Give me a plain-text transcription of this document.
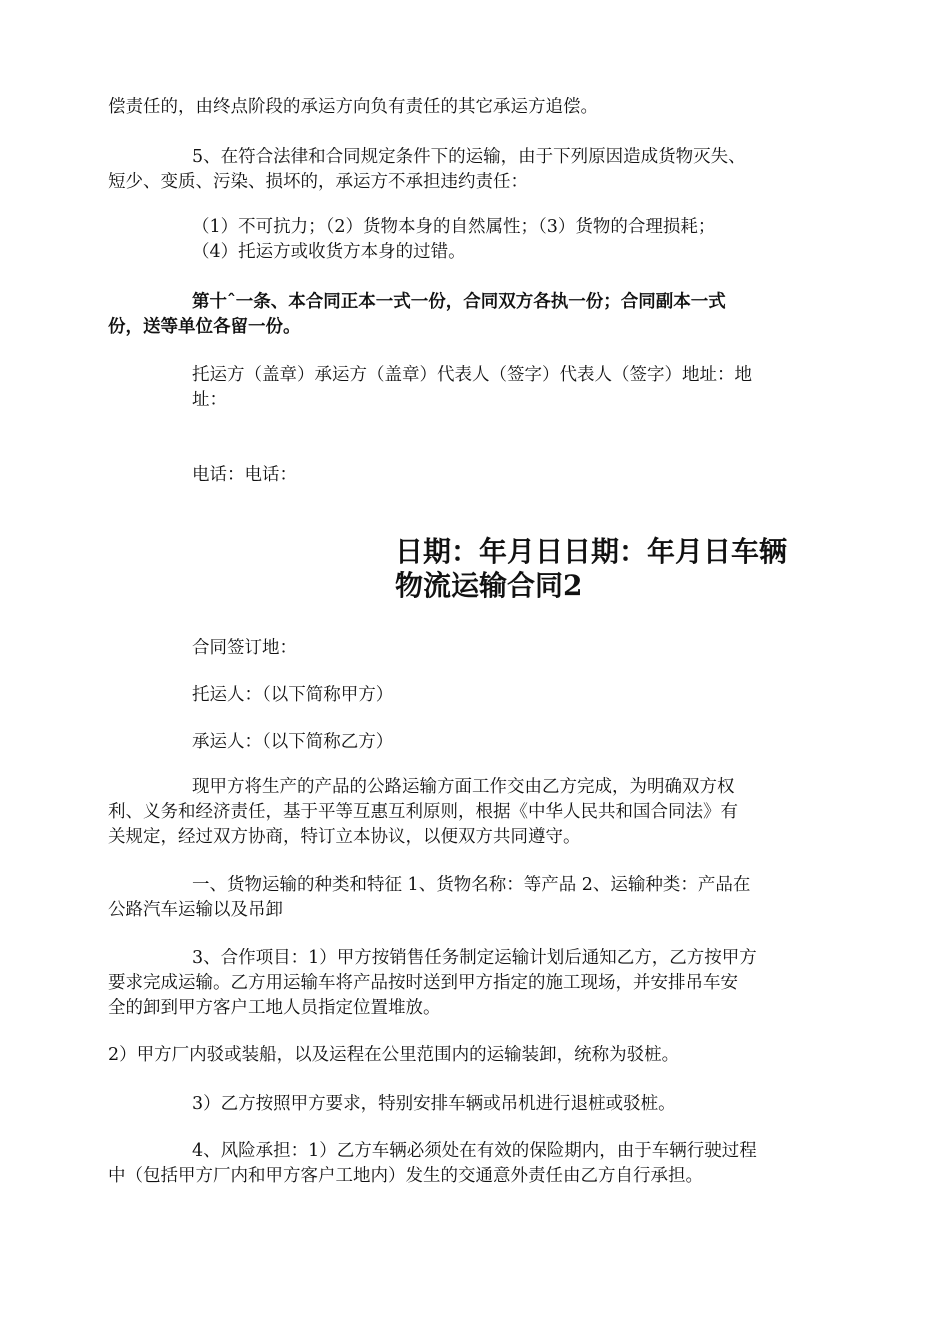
偿责任的，由终点阶段的承运方向负有责任的其它承运方追偿。

5、在符合法律和合同规定条件下的运输，由于下列原因造成货物灭失、
短少、变质、污染、损坏的，承运方不承担违约责任：

（1）不可抗力；（2）货物本身的自然属性；（3）货物的合理损耗；
（4）托运方或收货方本身的过错。

第十ˆ一条、本合同正本一式一份，合同双方各执一份；合同副本一式
份，送等单位各留一份。

托运方（盖章）承运方（盖章）代表人（签字）代表人（签字）地址：地
址：

电话：电话：

日期：年月日日期：年月日车辆
物流运输合同2

合同签订地：

托运人：（以下简称甲方）

承运人：（以下简称乙方）

现甲方将生产的产品的公路运输方面工作交由乙方完成，为明确双方权
利、义务和经济责任，基于平等互惠互利原则，根据《中华人民共和国合同法》有
关规定，经过双方协商，特订立本协议，以便双方共同遵守。

一、货物运输的种类和特征 1、货物名称：等产品 2、运输种类：产品在
公路汽车运输以及吊卸

3、合作项目：1）甲方按销售任务制定运输计划后通知乙方，乙方按甲方
要求完成运输。乙方用运输车将产品按时送到甲方指定的施工现场，并安排吊车安
全的卸到甲方客户工地人员指定位置堆放。

2）甲方厂内驳或装船，以及运程在公里范围内的运输装卸，统称为驳桩。

3）乙方按照甲方要求，特别安排车辆或吊机进行退桩或驳桩。

4、风险承担：1）乙方车辆必须处在有效的保险期内，由于车辆行驶过程
中（包括甲方厂内和甲方客户工地内）发生的交通意外责任由乙方自行承担。
